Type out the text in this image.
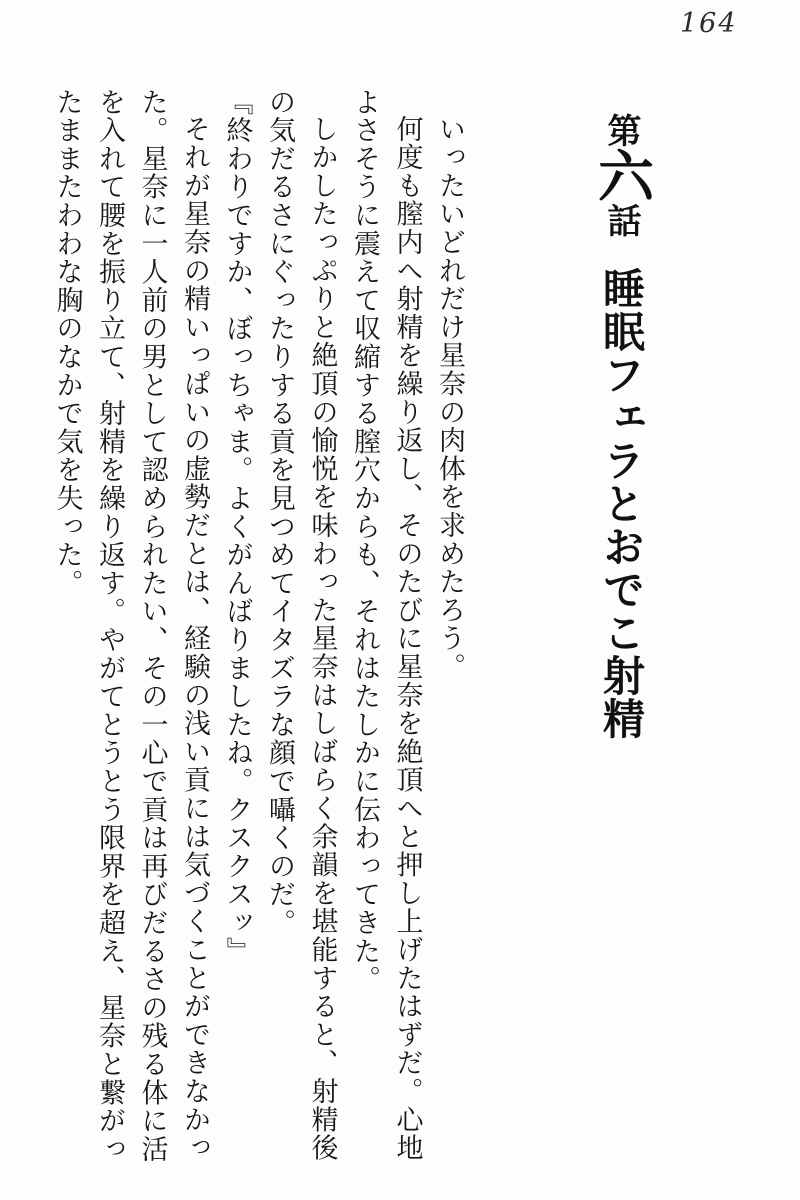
164
第六話睡眠フェラとおでこ射精

いったいどれだけ星奈の肉体を求めたろう。

何度も膣内へ射精を繰り返し、そのたびに星奈を絶頂へと押し上げたはずだ。心地よさそうに震えて収縮する膣穴からも、それはたしかに伝わってきた。

しかしたっぷりと絶頂の愉悦を味わった星奈はしばらく余韻を堪能すると、射精後の気だるさにぐったりする貢を見つめてイタズラな顔で囁くのだ。

『終わりですか、ぼっちゃま。よくがんばりましたね。クスクスッ』

それが星奈の精いっぱいの虚勢だとは、経験の浅い貢には気づくことができなかった。星奈に一人前の男として認められたい、その一心で貢は再びだるさの残る体に活を入れて腰を振り立て、射精を繰り返す。やがてとうとう限界を超え、星奈と繋がったままたわわな胸のなかで気を失った。
